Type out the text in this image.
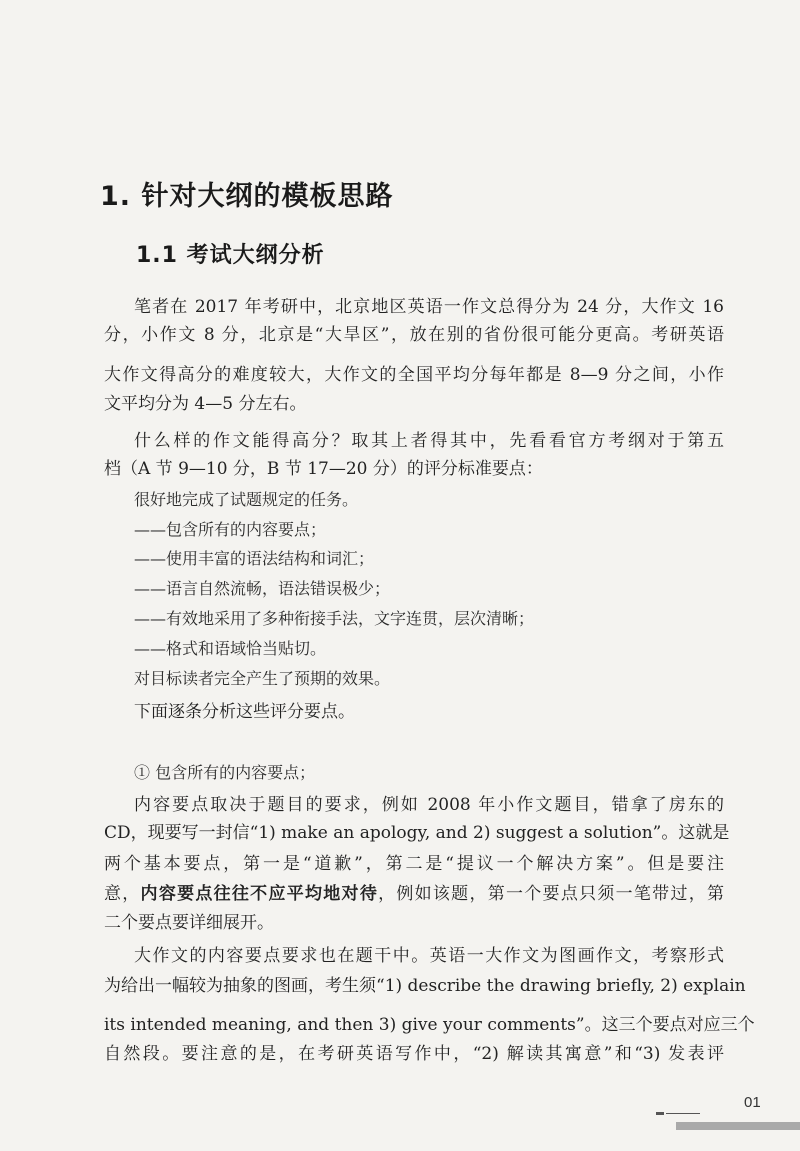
1. 针对大纲的模板思路
1.1 考试大纲分析
笔者在 2017 年考研中，北京地区英语一作文总得分为 24 分，大作文 16
分，小作文 8 分，北京是“大旱区”，放在别的省份很可能分更高。考研英语
大作文得高分的难度较大，大作文的全国平均分每年都是 8—9 分之间，小作
文平均分为 4—5 分左右。
什么样的作文能得高分？取其上者得其中，先看看官方考纲对于第五
档（A 节 9—10 分，B 节 17—20 分）的评分标准要点：
很好地完成了试题规定的任务。
——包含所有的内容要点；
——使用丰富的语法结构和词汇；
——语言自然流畅，语法错误极少；
——有效地采用了多种衔接手法，文字连贯，层次清晰；
——格式和语域恰当贴切。
对目标读者完全产生了预期的效果。
下面逐条分析这些评分要点。
① 包含所有的内容要点；
内容要点取决于题目的要求，例如 2008 年小作文题目，错拿了房东的
CD，现要写一封信“1) make an apology, and 2) suggest a solution”。这就是
两个基本要点，第一是“道歉”，第二是“提议一个解决方案”。但是要注
意，内容要点往往不应平均地对待，例如该题，第一个要点只须一笔带过，第
二个要点要详细展开。
大作文的内容要点要求也在题干中。英语一大作文为图画作文，考察形式
为给出一幅较为抽象的图画，考生须“1) describe the drawing briefly, 2) explain
its intended meaning, and then 3) give your comments”。这三个要点对应三个
自然段。要注意的是，在考研英语写作中，“2) 解读其寓意”和“3) 发表评
01
